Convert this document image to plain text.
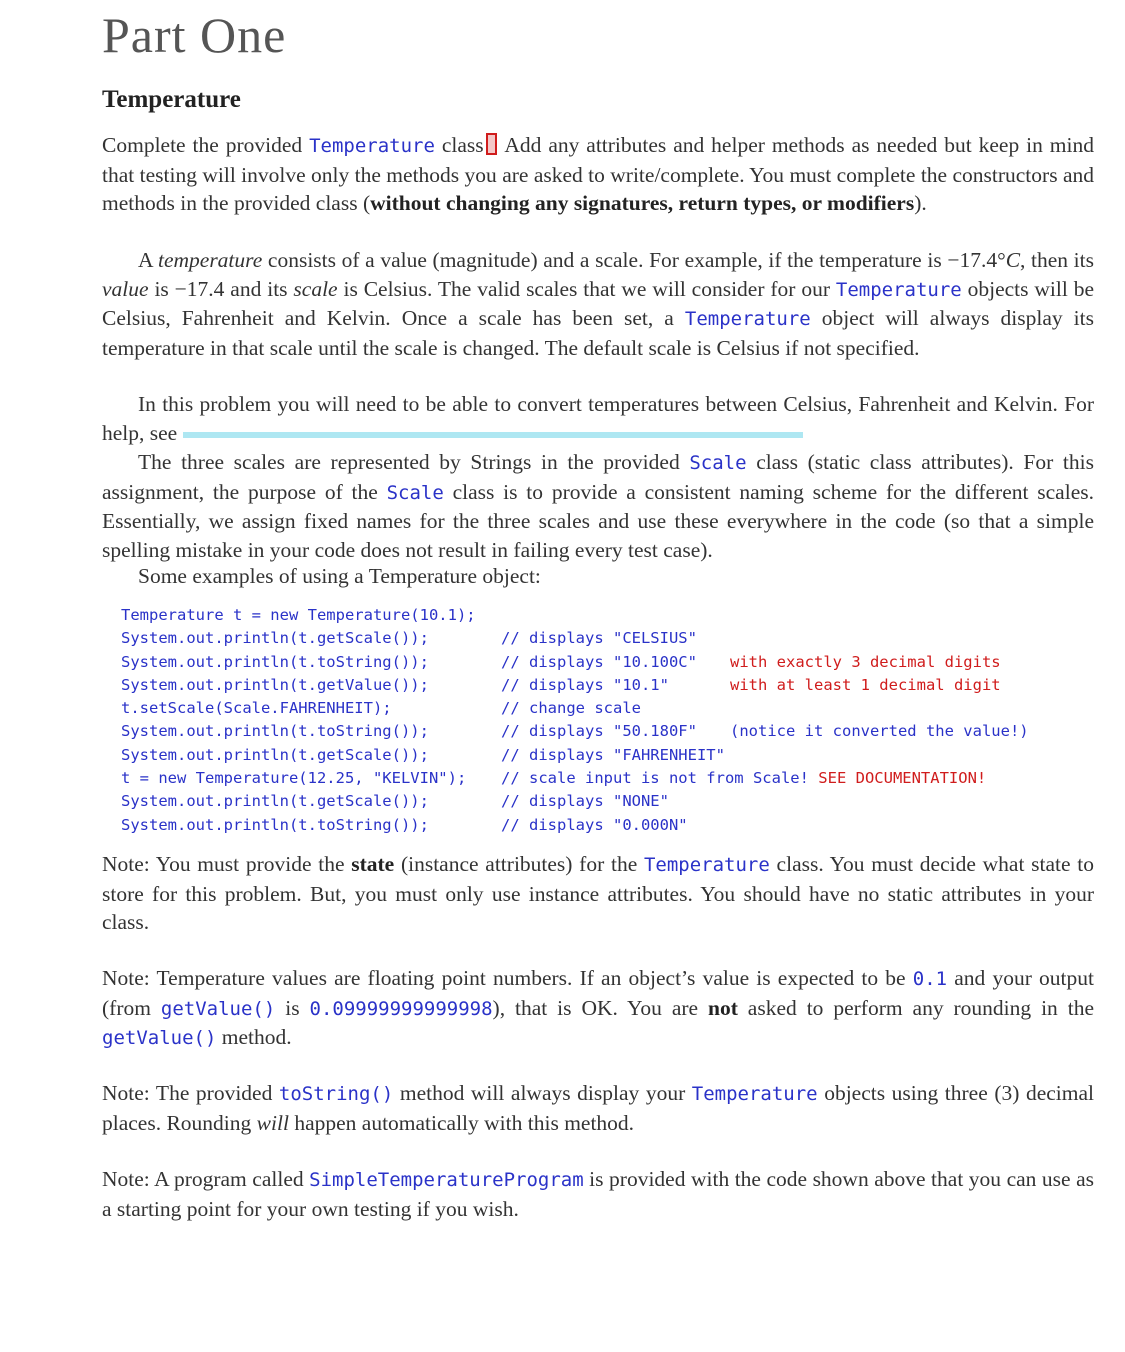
Part One
Temperature
Complete the provided Temperature class Add any attributes and helper methods as needed but keep in mind that testing will involve only the methods you are asked to write/complete. You must complete the constructors and methods in the provided class (without changing any signatures, return types, or modifiers).
A temperature consists of a value (magnitude) and a scale. For example, if the temperature is −17.4°C, then its value is −17.4 and its scale is Celsius. The valid scales that we will consider for our Temperature objects will be Celsius, Fahrenheit and Kelvin. Once a scale has been set, a Temperature object will always display its temperature in that scale until the scale is changed. The default scale is Celsius if not specified.
In this problem you will need to be able to convert temperatures between Celsius, Fahrenheit and Kelvin. For help, see
The three scales are represented by Strings in the provided Scale class (static class attributes). For this assignment, the purpose of the Scale class is to provide a consistent naming scheme for the different scales. Essentially, we assign fixed names for the three scales and use these everywhere in the code (so that a simple spelling mistake in your code does not result in failing every test case).
Some examples of using a Temperature object:
Temperature t = new Temperature(10.1);
System.out.println(t.getScale());	// displays "CELSIUS"
System.out.println(t.toString());	// displays "10.100C" with exactly 3 decimal digits
System.out.println(t.getValue());	// displays "10.1"	with at least 1 decimal digit
t.setScale(Scale.FAHRENHEIT);	// change scale
System.out.println(t.toString());	// displays "50.180F" (notice it converted the value!)
System.out.println(t.getScale());	// displays "FAHRENHEIT"
t = new Temperature(12.25, "KELVIN"); // scale input is not from Scale! SEE DOCUMENTATION!
System.out.println(t.getScale());	// displays "NONE"
System.out.println(t.toString());	// displays "0.000N"
Note: You must provide the state (instance attributes) for the Temperature class. You must decide what state to store for this problem. But, you must only use instance attributes. You should have no static attributes in your class.
Note: Temperature values are floating point numbers. If an object’s value is expected to be 0.1 and your output (from getValue() is 0.09999999999998), that is OK. You are not asked to perform any rounding in the getValue() method.
Note: The provided toString() method will always display your Temperature objects using three (3) decimal places. Rounding will happen automatically with this method.
Note: A program called SimpleTemperatureProgram is provided with the code shown above that you can use as a starting point for your own testing if you wish.
